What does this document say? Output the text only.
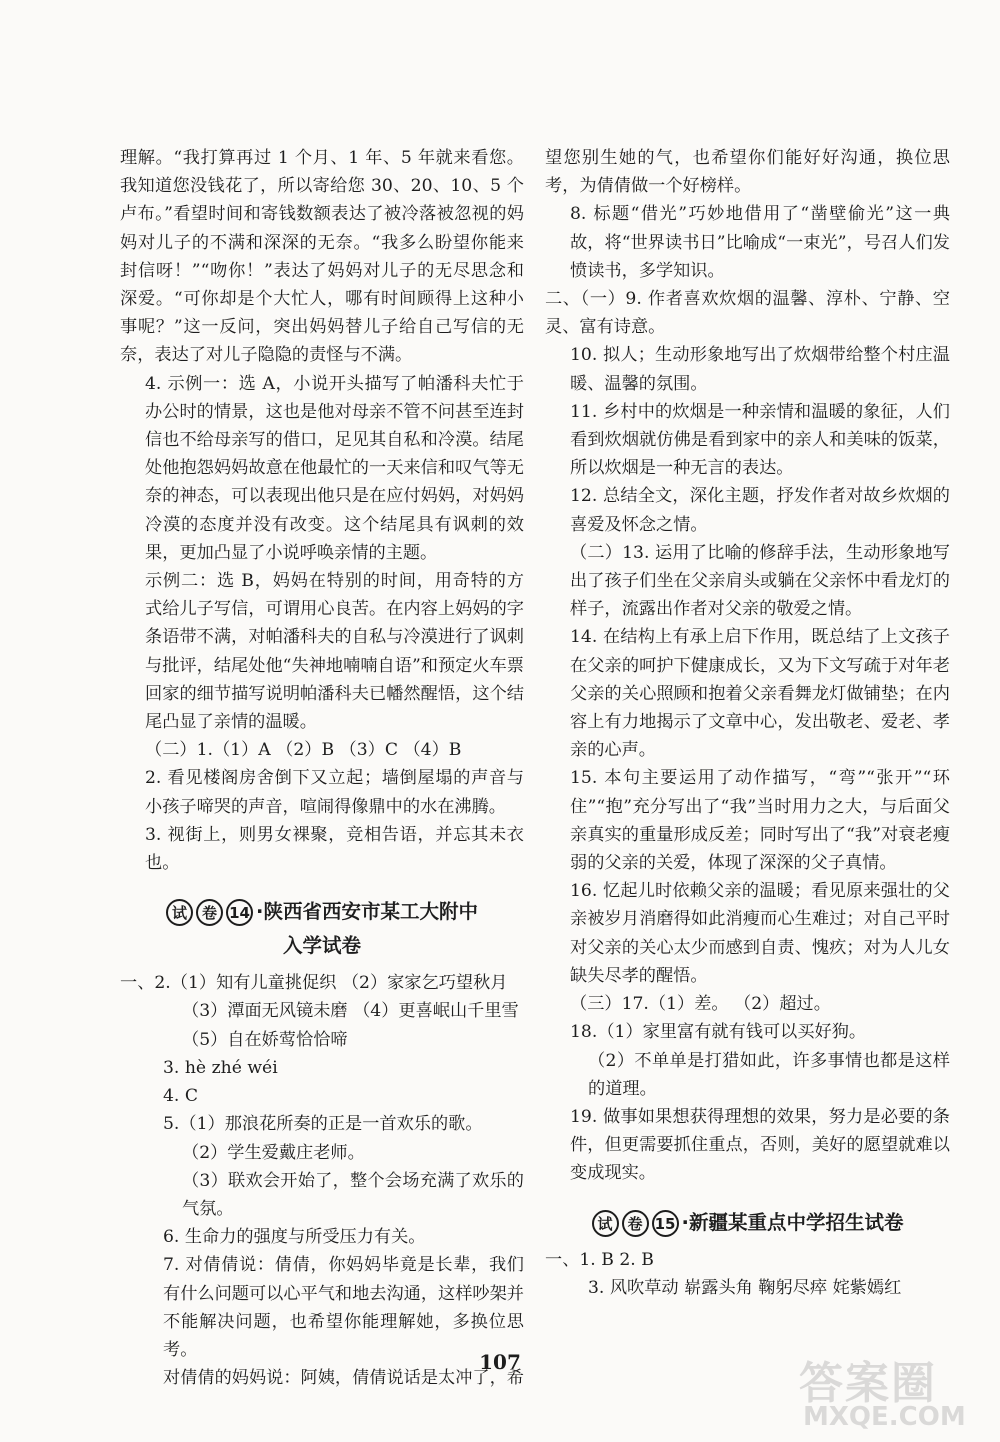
理解。“我打算再过 1 个月、1 年、5 年就来看您。我知道您没钱花了，所以寄给您 30、20、10、5 个卢布。”看望时间和寄钱数额表达了被冷落被忽视的妈妈对儿子的不满和深深的无奈。“我多么盼望你能来封信呀！”“吻你！”表达了妈妈对儿子的无尽思念和深爱。“可你却是个大忙人，哪有时间顾得上这种小事呢？”这一反问，突出妈妈替儿子给自己写信的无奈，表达了对儿子隐隐的责怪与不满。

4. 示例一：选 A，小说开头描写了帕潘科夫忙于办公时的情景，这也是他对母亲不管不问甚至连封信也不给母亲写的借口，足见其自私和冷漠。结尾处他抱怨妈妈故意在他最忙的一天来信和叹气等无奈的神态，可以表现出他只是在应付妈妈，对妈妈冷漠的态度并没有改变。这个结尾具有讽刺的效果，更加凸显了小说呼唤亲情的主题。

示例二：选 B，妈妈在特别的时间，用奇特的方式给儿子写信，可谓用心良苦。在内容上妈妈的字条语带不满，对帕潘科夫的自私与冷漠进行了讽刺与批评，结尾处他“失神地喃喃自语”和预定火车票回家的细节描写说明帕潘科夫已幡然醒悟，这个结尾凸显了亲情的温暖。

（二）1.（1）A （2）B （3）C （4）B

2. 看见楼阁房舍倒下又立起；墙倒屋塌的声音与小孩子啼哭的声音，喧闹得像鼎中的水在沸腾。

3. 视街上，则男女裸聚，竞相告语，并忘其未衣也。

试 卷 14 ·陕西省西安市某工大附中
入学试卷

一、2.（1）知有儿童挑促织 （2）家家乞巧望秋月

（3）潭面无风镜未磨 （4）更喜岷山千里雪

（5）自在娇莺恰恰啼

3. hè zhé wéi

4. C

5.（1）那浪花所奏的正是一首欢乐的歌。

（2）学生爱戴庄老师。

（3）联欢会开始了，整个会场充满了欢乐的气氛。

6. 生命力的强度与所受压力有关。

7. 对倩倩说：倩倩，你妈妈毕竟是长辈，我们有什么问题可以心平气和地去沟通，这样吵架并不能解决问题，也希望你能理解她，多换位思考。

对倩倩的妈妈说：阿姨，倩倩说话是太冲了，希

望您别生她的气，也希望你们能好好沟通，换位思考，为倩倩做一个好榜样。

8. 标题“借光”巧妙地借用了“凿壁偷光”这一典故，将“世界读书日”比喻成“一束光”，号召人们发愤读书，多学知识。

二、（一）9. 作者喜欢炊烟的温馨、淳朴、宁静、空灵、富有诗意。

10. 拟人；生动形象地写出了炊烟带给整个村庄温暖、温馨的氛围。

11. 乡村中的炊烟是一种亲情和温暖的象征，人们看到炊烟就仿佛是看到家中的亲人和美味的饭菜，所以炊烟是一种无言的表达。

12. 总结全文，深化主题，抒发作者对故乡炊烟的喜爱及怀念之情。

（二）13. 运用了比喻的修辞手法，生动形象地写出了孩子们坐在父亲肩头或躺在父亲怀中看龙灯的样子，流露出作者对父亲的敬爱之情。

14. 在结构上有承上启下作用，既总结了上文孩子在父亲的呵护下健康成长，又为下文写疏于对年老父亲的关心照顾和抱着父亲看舞龙灯做铺垫；在内容上有力地揭示了文章中心，发出敬老、爱老、孝亲的心声。

15. 本句主要运用了动作描写，“弯”“张开”“环住”“抱”充分写出了“我”当时用力之大，与后面父亲真实的重量形成反差；同时写出了“我”对衰老瘦弱的父亲的关爱，体现了深深的父子真情。

16. 忆起儿时依赖父亲的温暖；看见原来强壮的父亲被岁月消磨得如此消瘦而心生难过；对自己平时对父亲的关心太少而感到自责、愧疚；对为人儿女缺失尽孝的醒悟。

（三）17.（1）差。 （2）超过。

18.（1）家里富有就有钱可以买好狗。

（2）不单单是打猎如此，许多事情也都是这样的道理。

19. 做事如果想获得理想的效果，努力是必要的条件，但更需要抓住重点，否则，美好的愿望就难以变成现实。

试 卷 15 ·新疆某重点中学招生试卷

一、1. B 2. B

3. 风吹草动 崭露头角 鞠躬尽瘁 姹紫嫣红

107	答案圈
MXQE.COM
